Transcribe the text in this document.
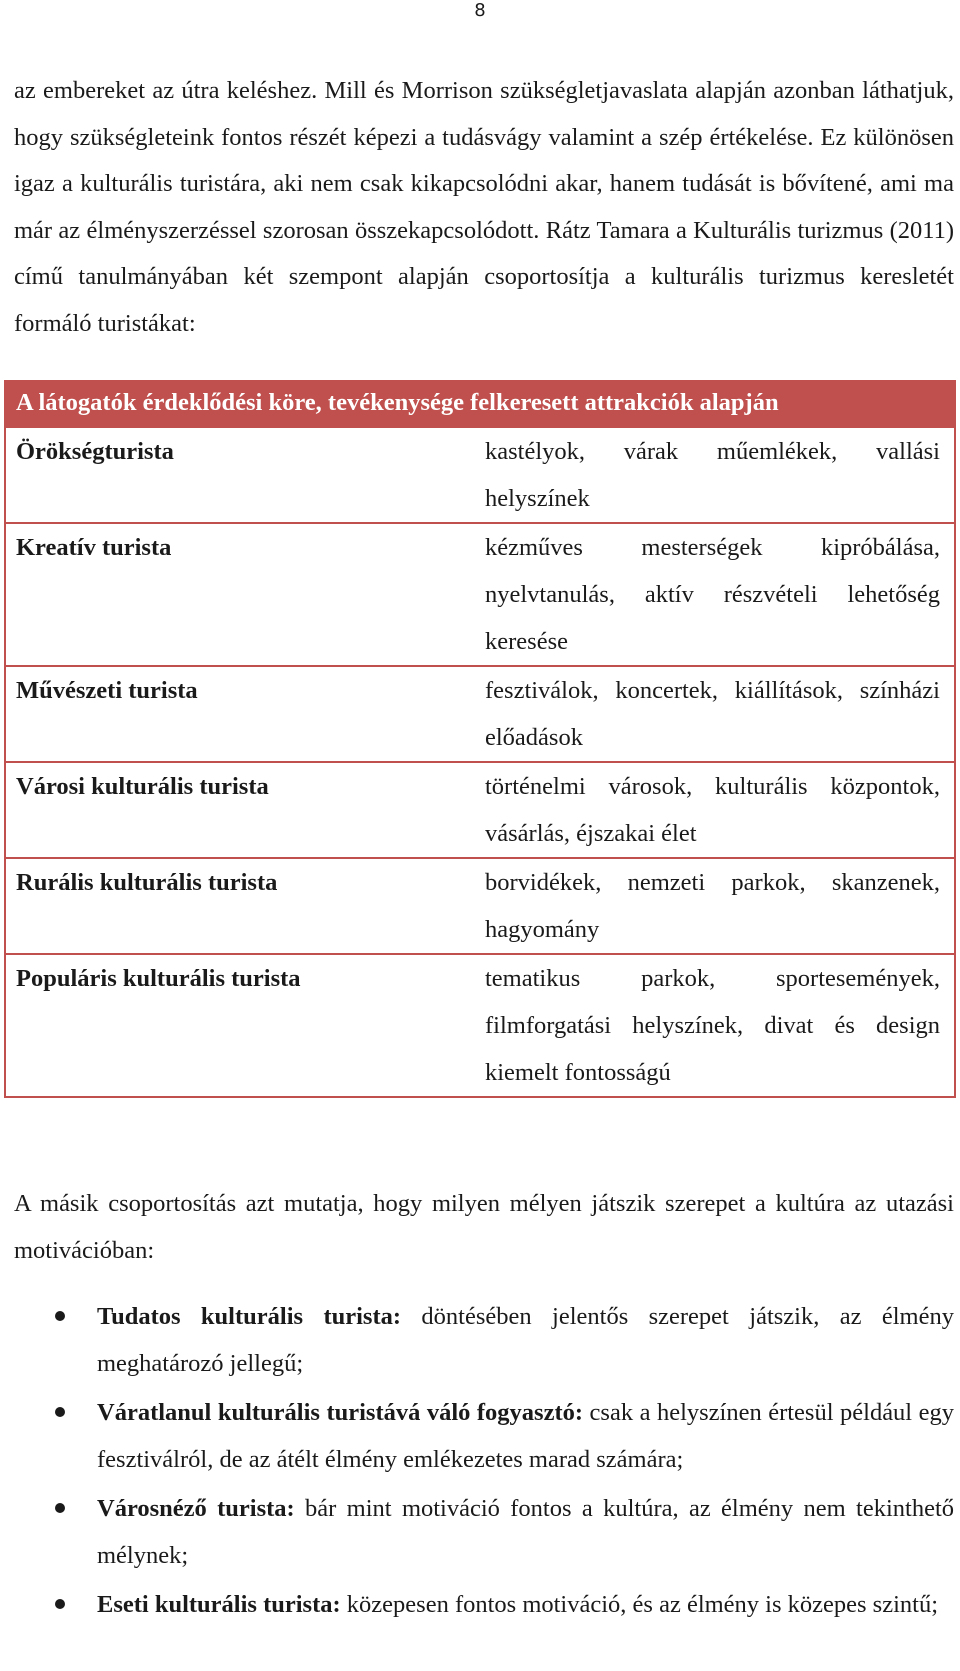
8

az embereket az útra keléshez. Mill és Morrison szükségletjavaslata alapján azonban láthatjuk, hogy szükségleteink fontos részét képezi a tudásvágy valamint a szép értékelése. Ez különösen igaz a kulturális turistára, aki nem csak kikapcsolódni akar, hanem tudását is bővítené, ami ma már az élményszerzéssel szorosan összekapcsolódott. Rátz Tamara a Kulturális turizmus (2011) című tanulmányában két szempont alapján csoportosítja a kulturális turizmus keresletét formáló turistákat:

A látogatók érdeklődési köre, tevékenysége felkeresett attrakciók alapján	
Örökségturista	kastélyok, várak műemlékek, vallási helyszínek
Kreatív turista	kézműves mesterségek kipróbálása, nyelvtanulás, aktív részvételi lehetőség keresése
Művészeti turista	fesztiválok, koncertek, kiállítások, színházi előadások
Városi kulturális turista	történelmi városok, kulturális központok, vásárlás, éjszakai élet
Rurális kulturális turista	borvidékek, nemzeti parkok, skanzenek, hagyomány
Populáris kulturális turista	tematikus parkok, sportesemények, filmforgatási helyszínek, divat és design kiemelt fontosságú

A másik csoportosítás azt mutatja, hogy milyen mélyen játszik szerepet a kultúra az utazási motivációban:

Tudatos kulturális turista: döntésében jelentős szerepet játszik, az élmény meghatározó jellegű;
Váratlanul kulturális turistává váló fogyasztó: csak a helyszínen értesül például egy fesztiválról, de az átélt élmény emlékezetes marad számára;
Városnéző turista: bár mint motiváció fontos a kultúra, az élmény nem tekinthető mélynek;
Eseti kulturális turista: közepesen fontos motiváció, és az élmény is közepes szintű;
